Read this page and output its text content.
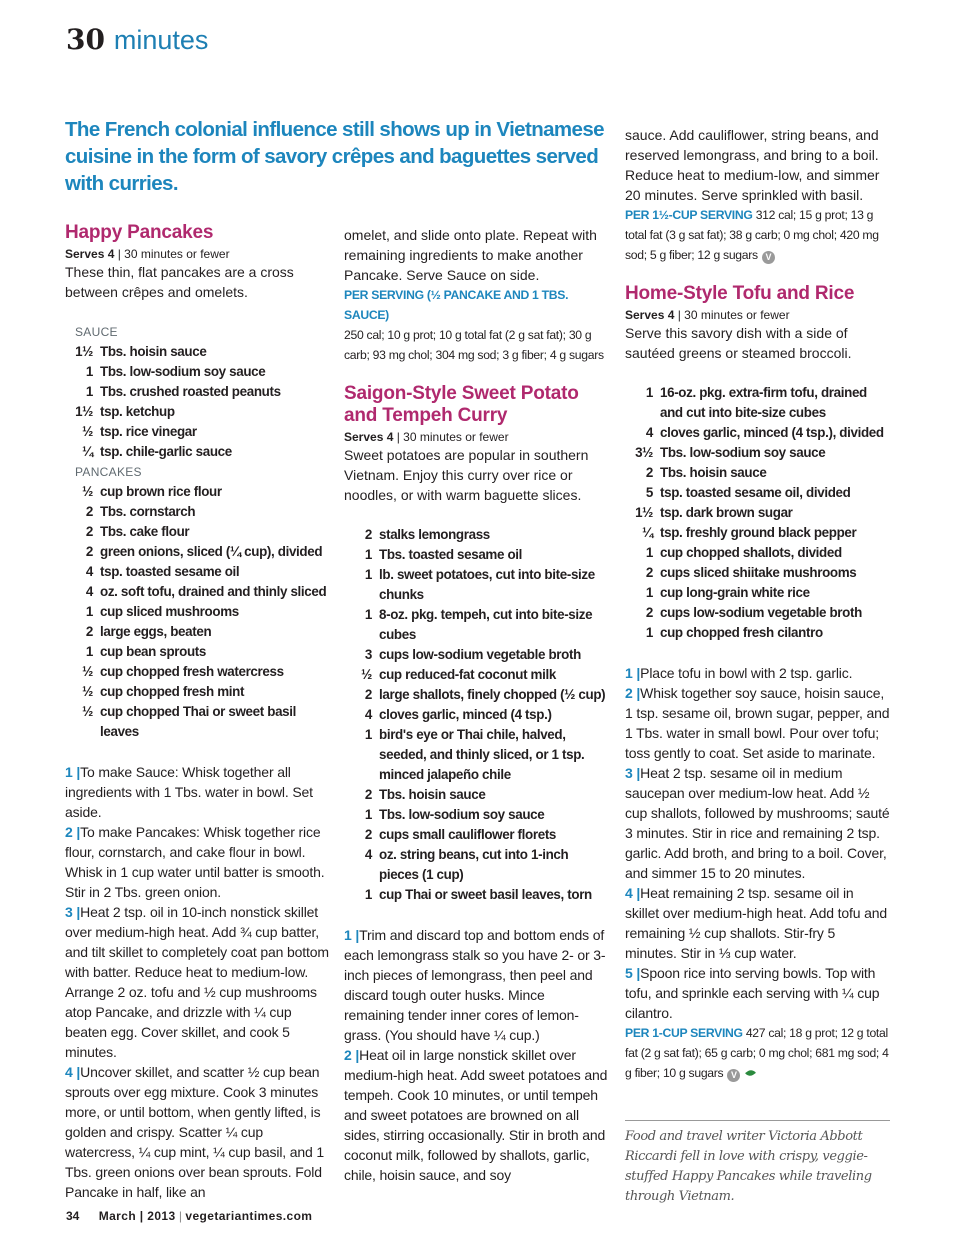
30 minutes
The French colonial influence still shows up in Vietnamese cuisine in the form of savory crêpes and baguettes served with curries.
Happy Pancakes
Serves 4 | 30 minutes or fewer
These thin, flat pancakes are a cross between crêpes and omelets.
SAUCE
1½ Tbs. hoisin sauce
1 Tbs. low-sodium soy sauce
1 Tbs. crushed roasted peanuts
1½ tsp. ketchup
½ tsp. rice vinegar
¼ tsp. chile-garlic sauce
PANCAKES
½ cup brown rice flour
2 Tbs. cornstarch
2 Tbs. cake flour
2 green onions, sliced (¼ cup), divided
4 tsp. toasted sesame oil
4 oz. soft tofu, drained and thinly sliced
1 cup sliced mushrooms
2 large eggs, beaten
1 cup bean sprouts
½ cup chopped fresh watercress
½ cup chopped fresh mint
½ cup chopped Thai or sweet basil leaves
1 |To make Sauce: Whisk together all ingredients with 1 Tbs. water in bowl. Set aside.
2 |To make Pancakes: Whisk together rice flour, cornstarch, and cake flour in bowl. Whisk in 1 cup water until batter is smooth. Stir in 2 Tbs. green onion.
3 |Heat 2 tsp. oil in 10-inch nonstick skillet over medium-high heat. Add ¾ cup batter, and tilt skillet to completely coat pan bottom with batter. Reduce heat to medium-low. Arrange 2 oz. tofu and ½ cup mushrooms atop Pancake, and drizzle with ¼ cup beaten egg. Cover skillet, and cook 5 minutes.
4 |Uncover skillet, and scatter ½ cup bean sprouts over egg mixture. Cook 3 minutes more, or until bottom, when gently lifted, is golden and crispy. Scatter ¼ cup watercress, ¼ cup mint, ¼ cup basil, and 1 Tbs. green onions over bean sprouts. Fold Pancake in half, like an
omelet, and slide onto plate. Repeat with remaining ingredients to make another Pancake. Serve Sauce on side.
PER SERVING (½ PANCAKE AND 1 TBS. SAUCE)
250 cal; 10 g prot; 10 g total fat (2 g sat fat); 30 g carb; 93 mg chol; 304 mg sod; 3 g fiber; 4 g sugars
Saigon-Style Sweet Potato and Tempeh Curry
Serves 4 | 30 minutes or fewer
Sweet potatoes are popular in southern Vietnam. Enjoy this curry over rice or noodles, or with warm baguette slices.
2 stalks lemongrass
1 Tbs. toasted sesame oil
1 lb. sweet potatoes, cut into bite-size chunks
1 8-oz. pkg. tempeh, cut into bite-size cubes
3 cups low-sodium vegetable broth
½ cup reduced-fat coconut milk
2 large shallots, finely chopped (½ cup)
4 cloves garlic, minced (4 tsp.)
1 bird's eye or Thai chile, halved, seeded, and thinly sliced, or 1 tsp. minced jalapeño chile
2 Tbs. hoisin sauce
1 Tbs. low-sodium soy sauce
2 cups small cauliflower florets
4 oz. string beans, cut into 1-inch pieces (1 cup)
1 cup Thai or sweet basil leaves, torn
1 |Trim and discard top and bottom ends of each lemongrass stalk so you have 2- or 3-inch pieces of lemongrass, then peel and discard tough outer husks. Mince remaining tender inner cores of lemon-grass. (You should have ¼ cup.)
2 |Heat oil in large nonstick skillet over medium-high heat. Add sweet potatoes and tempeh. Cook 10 minutes, or until tempeh and sweet potatoes are browned on all sides, stirring occasionally. Stir in broth and coconut milk, followed by shallots, garlic, chile, hoisin sauce, and soy
sauce. Add cauliflower, string beans, and reserved lemongrass, and bring to a boil. Reduce heat to medium-low, and simmer 20 minutes. Serve sprinkled with basil.
PER 1½-CUP SERVING 312 cal; 15 g prot; 13 g total fat (3 g sat fat); 38 g carb; 0 mg chol; 420 mg sod; 5 g fiber; 12 g sugars V
Home-Style Tofu and Rice
Serves 4 | 30 minutes or fewer
Serve this savory dish with a side of sautéed greens or steamed broccoli.
1 16-oz. pkg. extra-firm tofu, drained and cut into bite-size cubes
4 cloves garlic, minced (4 tsp.), divided
3½ Tbs. low-sodium soy sauce
2 Tbs. hoisin sauce
5 tsp. toasted sesame oil, divided
1½ tsp. dark brown sugar
¼ tsp. freshly ground black pepper
1 cup chopped shallots, divided
2 cups sliced shiitake mushrooms
1 cup long-grain white rice
2 cups low-sodium vegetable broth
1 cup chopped fresh cilantro
1 |Place tofu in bowl with 2 tsp. garlic.
2 |Whisk together soy sauce, hoisin sauce, 1 tsp. sesame oil, brown sugar, pepper, and 1 Tbs. water in small bowl. Pour over tofu; toss gently to coat. Set aside to marinate.
3 |Heat 2 tsp. sesame oil in medium saucepan over medium-low heat. Add ½ cup shallots, followed by mushrooms; sauté 3 minutes. Stir in rice and remaining 2 tsp. garlic. Add broth, and bring to a boil. Cover, and simmer 15 to 20 minutes.
4 |Heat remaining 2 tsp. sesame oil in skillet over medium-high heat. Add tofu and remaining ½ cup shallots. Stir-fry 5 minutes. Stir in ⅓ cup water.
5 |Spoon rice into serving bowls. Top with tofu, and sprinkle each serving with ¼ cup cilantro.
PER 1-CUP SERVING 427 cal; 18 g prot; 12 g total fat (2 g sat fat); 65 g carb; 0 mg chol; 681 mg sod; 4 g fiber; 10 g sugars V
Food and travel writer Victoria Abbott Riccardi fell in love with crispy, veggie-stuffed Happy Pancakes while traveling through Vietnam.
34 March | 2013 | vegetariantimes.com
